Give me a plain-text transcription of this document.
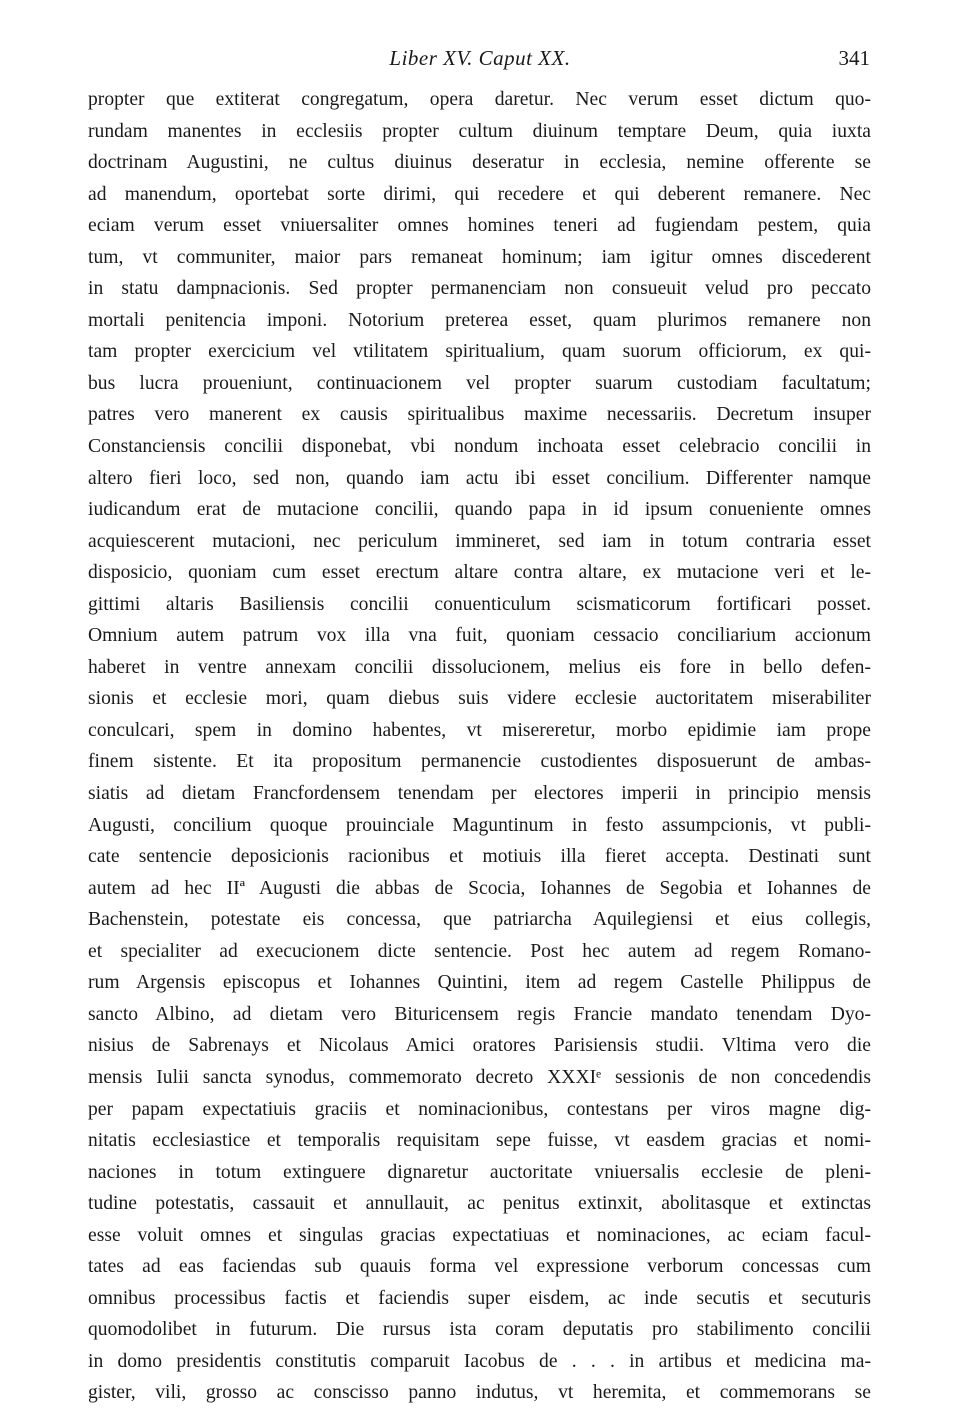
Liber XV. Caput XX.	341
propter que extiterat congregatum, opera daretur. Nec verum esset dictum quo-
rundam manentes in ecclesiis propter cultum diuinum temptare Deum, quia iuxta
doctrinam Augustini, ne cultus diuinus deseratur in ecclesia, nemine offerente se
ad manendum, oportebat sorte dirimi, qui recedere et qui deberent remanere. Nec
eciam verum esset vniuersaliter omnes homines teneri ad fugiendam pestem, quia
tum, vt communiter, maior pars remaneat hominum; iam igitur omnes discederent
in statu dampnacionis. Sed propter permanenciam non consueuit velud pro peccato
mortali penitencia imponi. Notorium preterea esset, quam plurimos remanere non
tam propter exercicium vel vtilitatem spiritualium, quam suorum officiorum, ex qui-
bus lucra proueniunt, continuacionem vel propter suarum custodiam facultatum;
patres vero manerent ex causis spiritualibus maxime necessariis. Decretum insuper
Constanciensis concilii disponebat, vbi nondum inchoata esset celebracio concilii in
altero fieri loco, sed non, quando iam actu ibi esset concilium. Differenter namque
iudicandum erat de mutacione concilii, quando papa in id ipsum conueniente omnes
acquiescerent mutacioni, nec periculum immineret, sed iam in totum contraria esset
disposicio, quoniam cum esset erectum altare contra altare, ex mutacione veri et le-
gittimi altaris Basiliensis concilii conuenticulum scismaticorum fortificari posset.
Omnium autem patrum vox illa vna fuit, quoniam cessacio conciliarium accionum
haberet in ventre annexam concilii dissolucionem, melius eis fore in bello defen-
sionis et ecclesie mori, quam diebus suis videre ecclesie auctoritatem miserabiliter
conculcari, spem in domino habentes, vt misereretur, morbo epidimie iam prope
finem sistente. Et ita propositum permanencie custodientes disposuerunt de ambas-
siatis ad dietam Francfordensem tenendam per electores imperii in principio mensis
Augusti, concilium quoque prouinciale Maguntinum in festo assumpcionis, vt publi-
cate sentencie deposicionis racionibus et motiuis illa fieret accepta. Destinati sunt
autem ad hec IIª Augusti die abbas de Scocia, Iohannes de Segobia et Iohannes de
Bachenstein, potestate eis concessa, que patriarcha Aquilegiensi et eius collegis,
et specialiter ad execucionem dicte sentencie. Post hec autem ad regem Romano-
rum Argensis episcopus et Iohannes Quintini, item ad regem Castelle Philippus de
sancto Albino, ad dietam vero Bituricensem regis Francie mandato tenendam Dyo-
nisius de Sabrenays et Nicolaus Amici oratores Parisiensis studii. Vltima vero die
mensis Iulii sancta synodus, commemorato decreto XXXIᵉ sessionis de non concedendis
per papam expectatiuis graciis et nominacionibus, contestans per viros magne dig-
nitatis ecclesiastice et temporalis requisitam sepe fuisse, vt easdem gracias et nomi-
naciones in totum extinguere dignaretur auctoritate vniuersalis ecclesie de pleni-
tudine potestatis, cassauit et annullauit, ac penitus extinxit, abolitasque et extinctas
esse voluit omnes et singulas gracias expectatiuas et nominaciones, ac eciam facul-
tates ad eas faciendas sub quauis forma vel expressione verborum concessas cum
omnibus processibus factis et faciendis super eisdem, ac inde secutis et secuturis
quomodolibet in futurum. Die rursus ista coram deputatis pro stabilimento concilii
in domo presidentis constitutis comparuit Iacobus de . . . in artibus et medicina ma-
gister, vili, grosso ac conscisso panno indutus, vt heremita, et commemorans se
